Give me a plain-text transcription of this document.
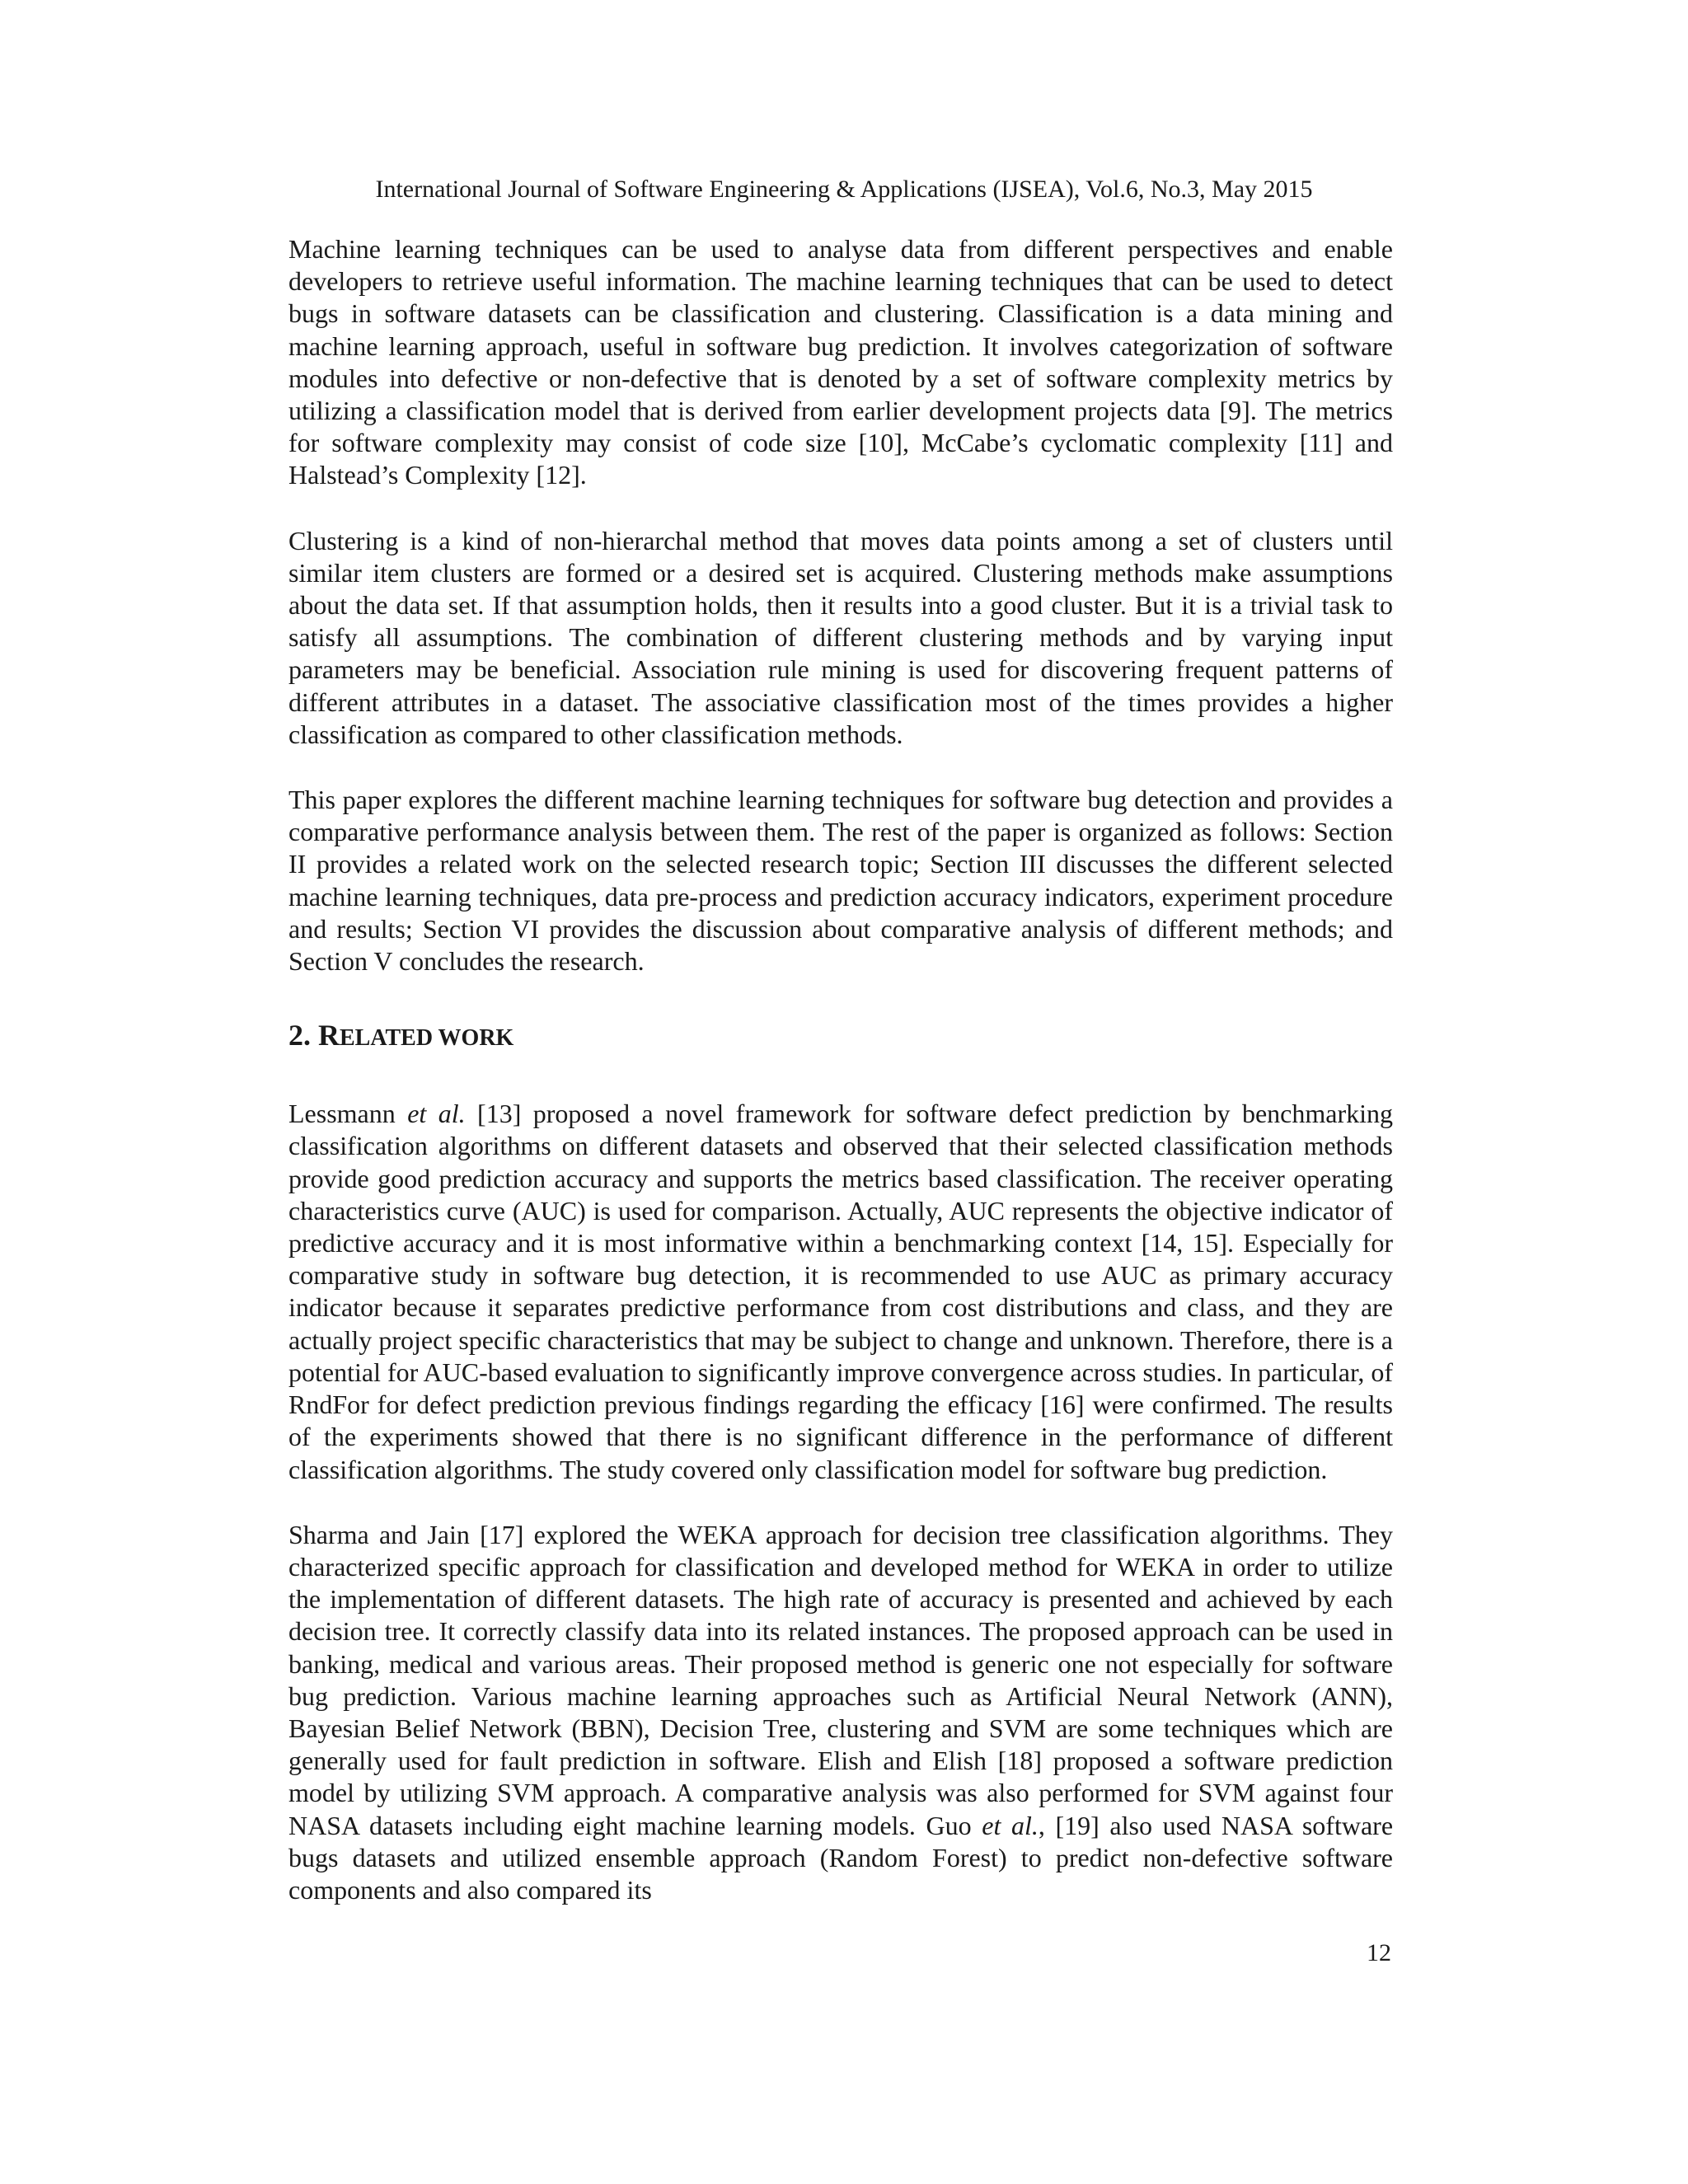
International Journal of Software Engineering & Applications (IJSEA), Vol.6, No.3, May 2015

Machine learning techniques can be used to analyse data from different perspectives and enable developers to retrieve useful information. The machine learning techniques that can be used to detect bugs in software datasets can be classification and clustering. Classification is a data mining and machine learning approach, useful in software bug prediction. It involves categorization of software modules into defective or non-defective that is denoted by a set of software complexity metrics by utilizing a classification model that is derived from earlier development projects data [9]. The metrics for software complexity may consist of code size [10], McCabe’s cyclomatic complexity [11] and Halstead’s Complexity [12].

Clustering is a kind of non-hierarchal method that moves data points among a set of clusters until similar item clusters are formed or a desired set is acquired. Clustering methods make assumptions about the data set. If that assumption holds, then it results into a good cluster. But it is a trivial task to satisfy all assumptions. The combination of different clustering methods and by varying input parameters may be beneficial. Association rule mining is used for discovering frequent patterns of different attributes in a dataset. The associative classification most of the times provides a higher classification as compared to other classification methods.

This paper explores the different machine learning techniques for software bug detection and provides a comparative performance analysis between them. The rest of the paper is organized as follows: Section II provides a related work on the selected research topic; Section III discusses the different selected machine learning techniques, data pre-process and prediction accuracy indicators, experiment procedure and results; Section VI provides the discussion about comparative analysis of different methods; and Section V concludes the research.

2. RELATED WORK

Lessmann et al. [13] proposed a novel framework for software defect prediction by benchmarking classification algorithms on different datasets and observed that their selected classification methods provide good prediction accuracy and supports the metrics based classification. The receiver operating characteristics curve (AUC) is used for comparison. Actually, AUC represents the objective indicator of predictive accuracy and it is most informative within a benchmarking context [14, 15]. Especially for comparative study in software bug detection, it is recommended to use AUC as primary accuracy indicator because it separates predictive performance from cost distributions and class, and they are actually project specific characteristics that may be subject to change and unknown. Therefore, there is a potential for AUC-based evaluation to significantly improve convergence across studies. In particular, of RndFor for defect prediction previous findings regarding the efficacy [16] were confirmed. The results of the experiments showed that there is no significant difference in the performance of different classification algorithms. The study covered only classification model for software bug prediction.

Sharma and Jain [17] explored the WEKA approach for decision tree classification algorithms. They characterized specific approach for classification and developed method for WEKA in order to utilize the implementation of different datasets. The high rate of accuracy is presented and achieved by each decision tree. It correctly classify data into its related instances. The proposed approach can be used in banking, medical and various areas. Their proposed method is generic one not especially for software bug prediction. Various machine learning approaches such as Artificial Neural Network (ANN), Bayesian Belief Network (BBN), Decision Tree, clustering and SVM are some techniques which are generally used for fault prediction in software. Elish and Elish [18] proposed a software prediction model by utilizing SVM approach. A comparative analysis was also performed for SVM against four NASA datasets including eight machine learning models. Guo et al., [19] also used NASA software bugs datasets and utilized ensemble approach (Random Forest) to predict non-defective software components and also compared its

12
